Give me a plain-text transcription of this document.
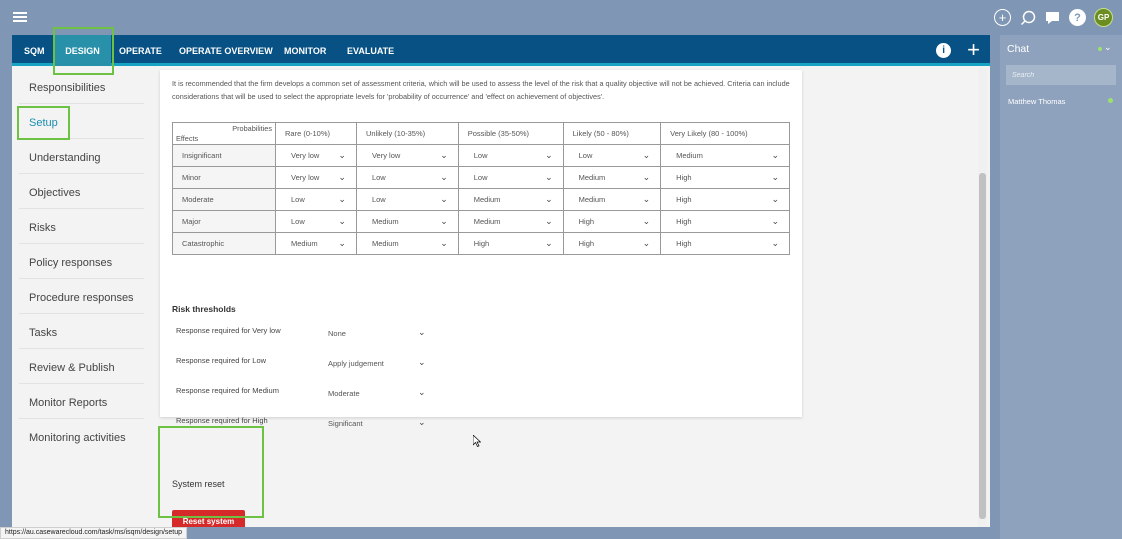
+	?	GP
SQM	DESIGN	OPERATE OPERATE OVERVIEW MONITOR EVALUATE	i +
Responsibilities
Setup
Understanding
Objectives
Risks
Policy responses
Procedure responses
Tasks
Review & Publish
Monitor Reports
Monitoring activities
It is recommended that the firm develops a common set of assessment criteria, which will be used to assess the level of the risk that a quality objective will not be achieved. Criteria can include considerations that will be used to select the appropriate levels for 'probability of occurrence' and 'effect on achievement of objectives'.
Probabilities
Effects	Rare (0-10%)	Unlikely (10-35%)	Possible (35-50%)	Likely (50 - 80%)	Very Likely (80 - 100%)
Insignificant	Very low ⌄	Very low ⌄	Low ⌄	Low ⌄	Medium ⌄

Minor	Very low ⌄	Low ⌄	Low ⌄	Medium ⌄	High ⌄

Moderate	Low ⌄	Low ⌄	Medium ⌄	Medium ⌄	High ⌄

Major	Low ⌄	Medium ⌄	Medium ⌄	High ⌄	High ⌄

Catastrophic	Medium ⌄	Medium ⌄	High ⌄	High ⌄	High ⌄
Risk thresholds
Response required for Very low	None	⌄
Response required for Low	Apply judgement	⌄
Response required for Medium	Moderate	⌄
Response required for High	Significant	⌄
System reset
Reset system
Chat	⌄
Search
Matthew Thomas
https://au.casewarecloud.com/task/ms/isqm/design/setup
